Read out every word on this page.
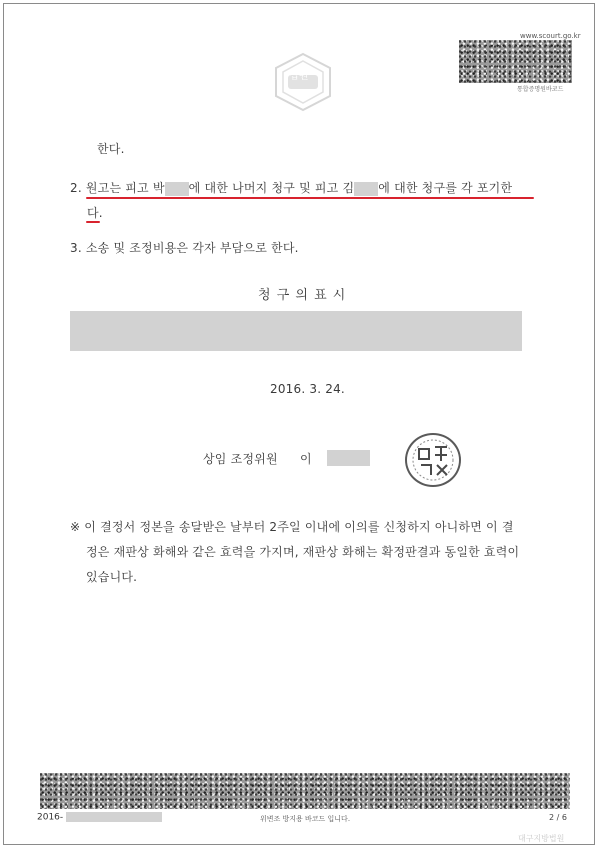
법원
www.scourt.go.kr
통합증명원바코드
한다.
2. 원고는 피고 박 에 대한 나머지 청구 및 피고 김 에 대한 청구를 각 포기한
다.
3. 소송 및 조정비용은 각자 부담으로 한다.
청 구 의 표 시
2016. 3. 24.
상임 조정위원 이
※ 이 결정서 정본을 송달받은 날부터 2주일 이내에 이의를 신청하지 아니하면 이 결
정은 재판상 화해와 같은 효력을 가지며, 재판상 화해는 확정판결과 동일한 효력이
있습니다.
2016-	위변조 방지용 바코드 입니다.	2 / 6
대구지방법원
